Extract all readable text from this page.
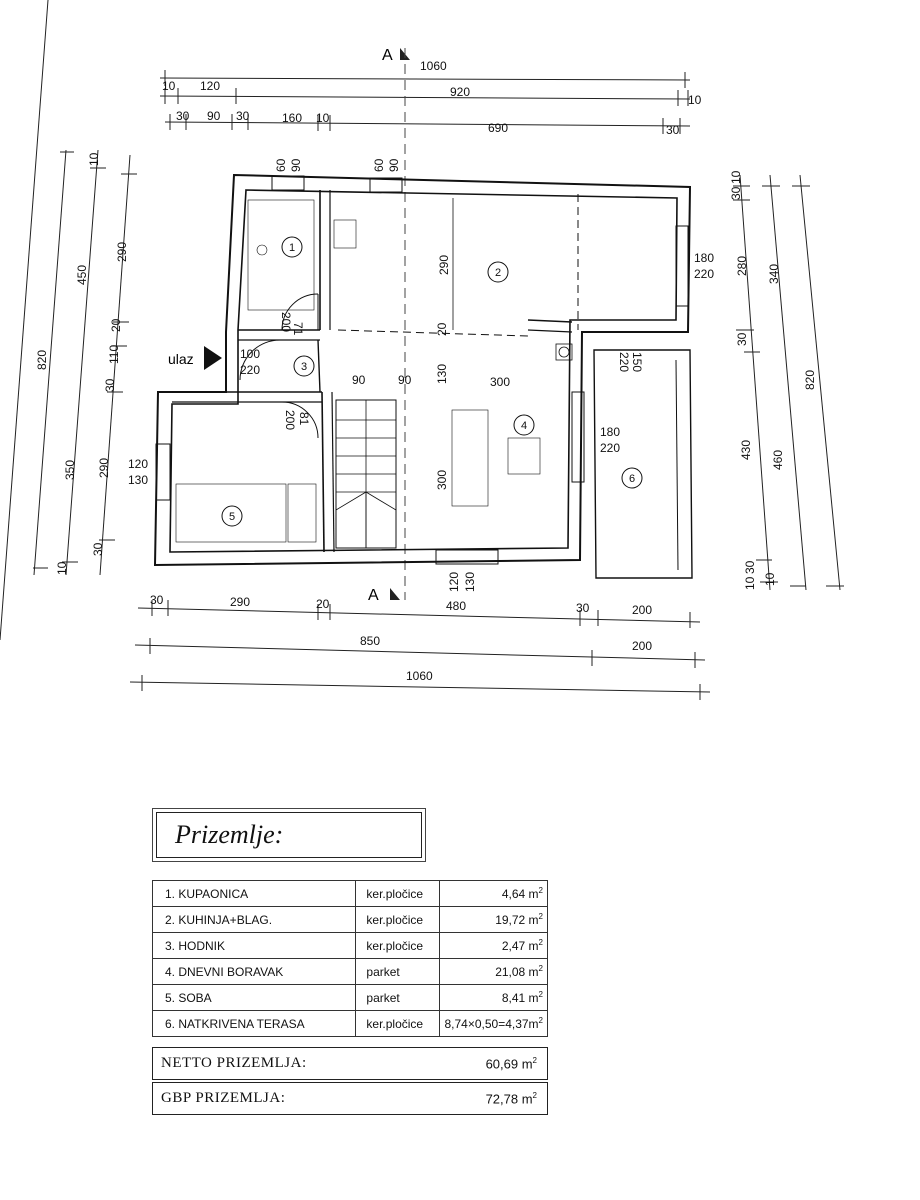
1060
10 120	920
10
30 90 30	160 10
690	30
A
820
450
350
10
290
20
110
30
290
30
10
10
30
280
30
430
30
10
340
460
820
10
30	290	20	480	30	200
850	200
1060
A
1
2
3
4
5
6
ulaz
60 90	60 90
290
20
180
220
71
200
100
220
90	90 130	300
81
200
120
130	300
180
220
150
220
120 130
Prizemlje:
1. KUPAONICA	ker.pločice	4,64 $m^2$
2. KUHINJA+BLAG.	ker.pločice	19,72 $m^2$
3. HODNIK	ker.pločice	2,47 $m^2$
4. DNEVNI BORAVAK	parket	21,08 $m^2$
5. SOBA	parket	8,41 $m^2$
6. NATKRIVENA TERASA	ker.pločice	$8,74\times 0,50=4,37m^2$
NETTO PRIZEMLJA:	60,69 $m^2$
GBP PRIZEMLJA:	72,78 $m^2$
